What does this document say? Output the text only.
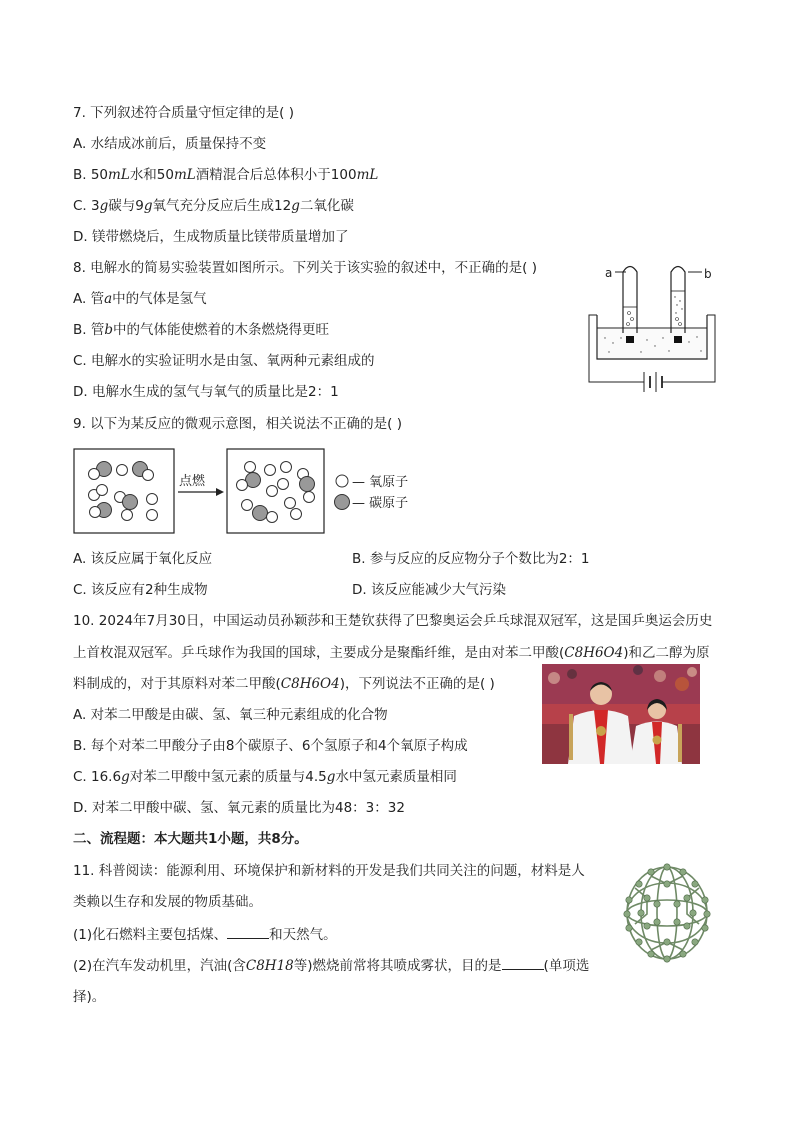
7. 下列叙述符合质量守恒定律的是( )
A. 水结成冰前后，质量保持不变
B. 50mL水和50mL酒精混合后总体积小于100mL
C. 3g碳与9g氧气充分反应后生成12g二氧化碳
D. 镁带燃烧后，生成物质量比镁带质量增加了
8. 电解水的简易实验装置如图所示。下列关于该实验的叙述中，不正确的是( )
A. 管a中的气体是氢气
B. 管b中的气体能使燃着的木条燃烧得更旺
C. 电解水的实验证明水是由氢、氧两种元素组成的
D. 电解水生成的氢气与氧气的质量比是2：1
a	b
9. 以下为某反应的微观示意图，相关说法不正确的是( )
点燃	— 氧原子
— 碳原子
A. 该反应属于氧化反应	B. 参与反应的反应物分子个数比为2：1
C. 该反应有2种生成物	D. 该反应能减少大气污染
10. 2024年7月30日，中国运动员孙颖莎和王楚钦获得了巴黎奥运会乒乓球混双冠军，这是国乒奥运会历史
上首枚混双冠军。乒乓球作为我国的国球，主要成分是聚酯纤维，是由对苯二甲酸(C8H6O4)和乙二醇为原
料制成的，对于其原料对苯二甲酸(C8H6O4)，下列说法不正确的是( )
A. 对苯二甲酸是由碳、氢、氧三种元素组成的化合物
B. 每个对苯二甲酸分子由8个碳原子、6个氢原子和4个氧原子构成
C. 16.6g对苯二甲酸中氢元素的质量与4.5g水中氢元素质量相同
D. 对苯二甲酸中碳、氢、氧元素的质量比为48：3：32
二、流程题：本大题共1小题，共8分。
11. 科普阅读：能源利用、环境保护和新材料的开发是我们共同关注的问题，材料是人
类赖以生存和发展的物质基础。
(1)化石燃料主要包括煤、	和天然气。
(2)在汽车发动机里，汽油(含C8H18等)燃烧前常将其喷成雾状，目的是	(单项选
择)。
